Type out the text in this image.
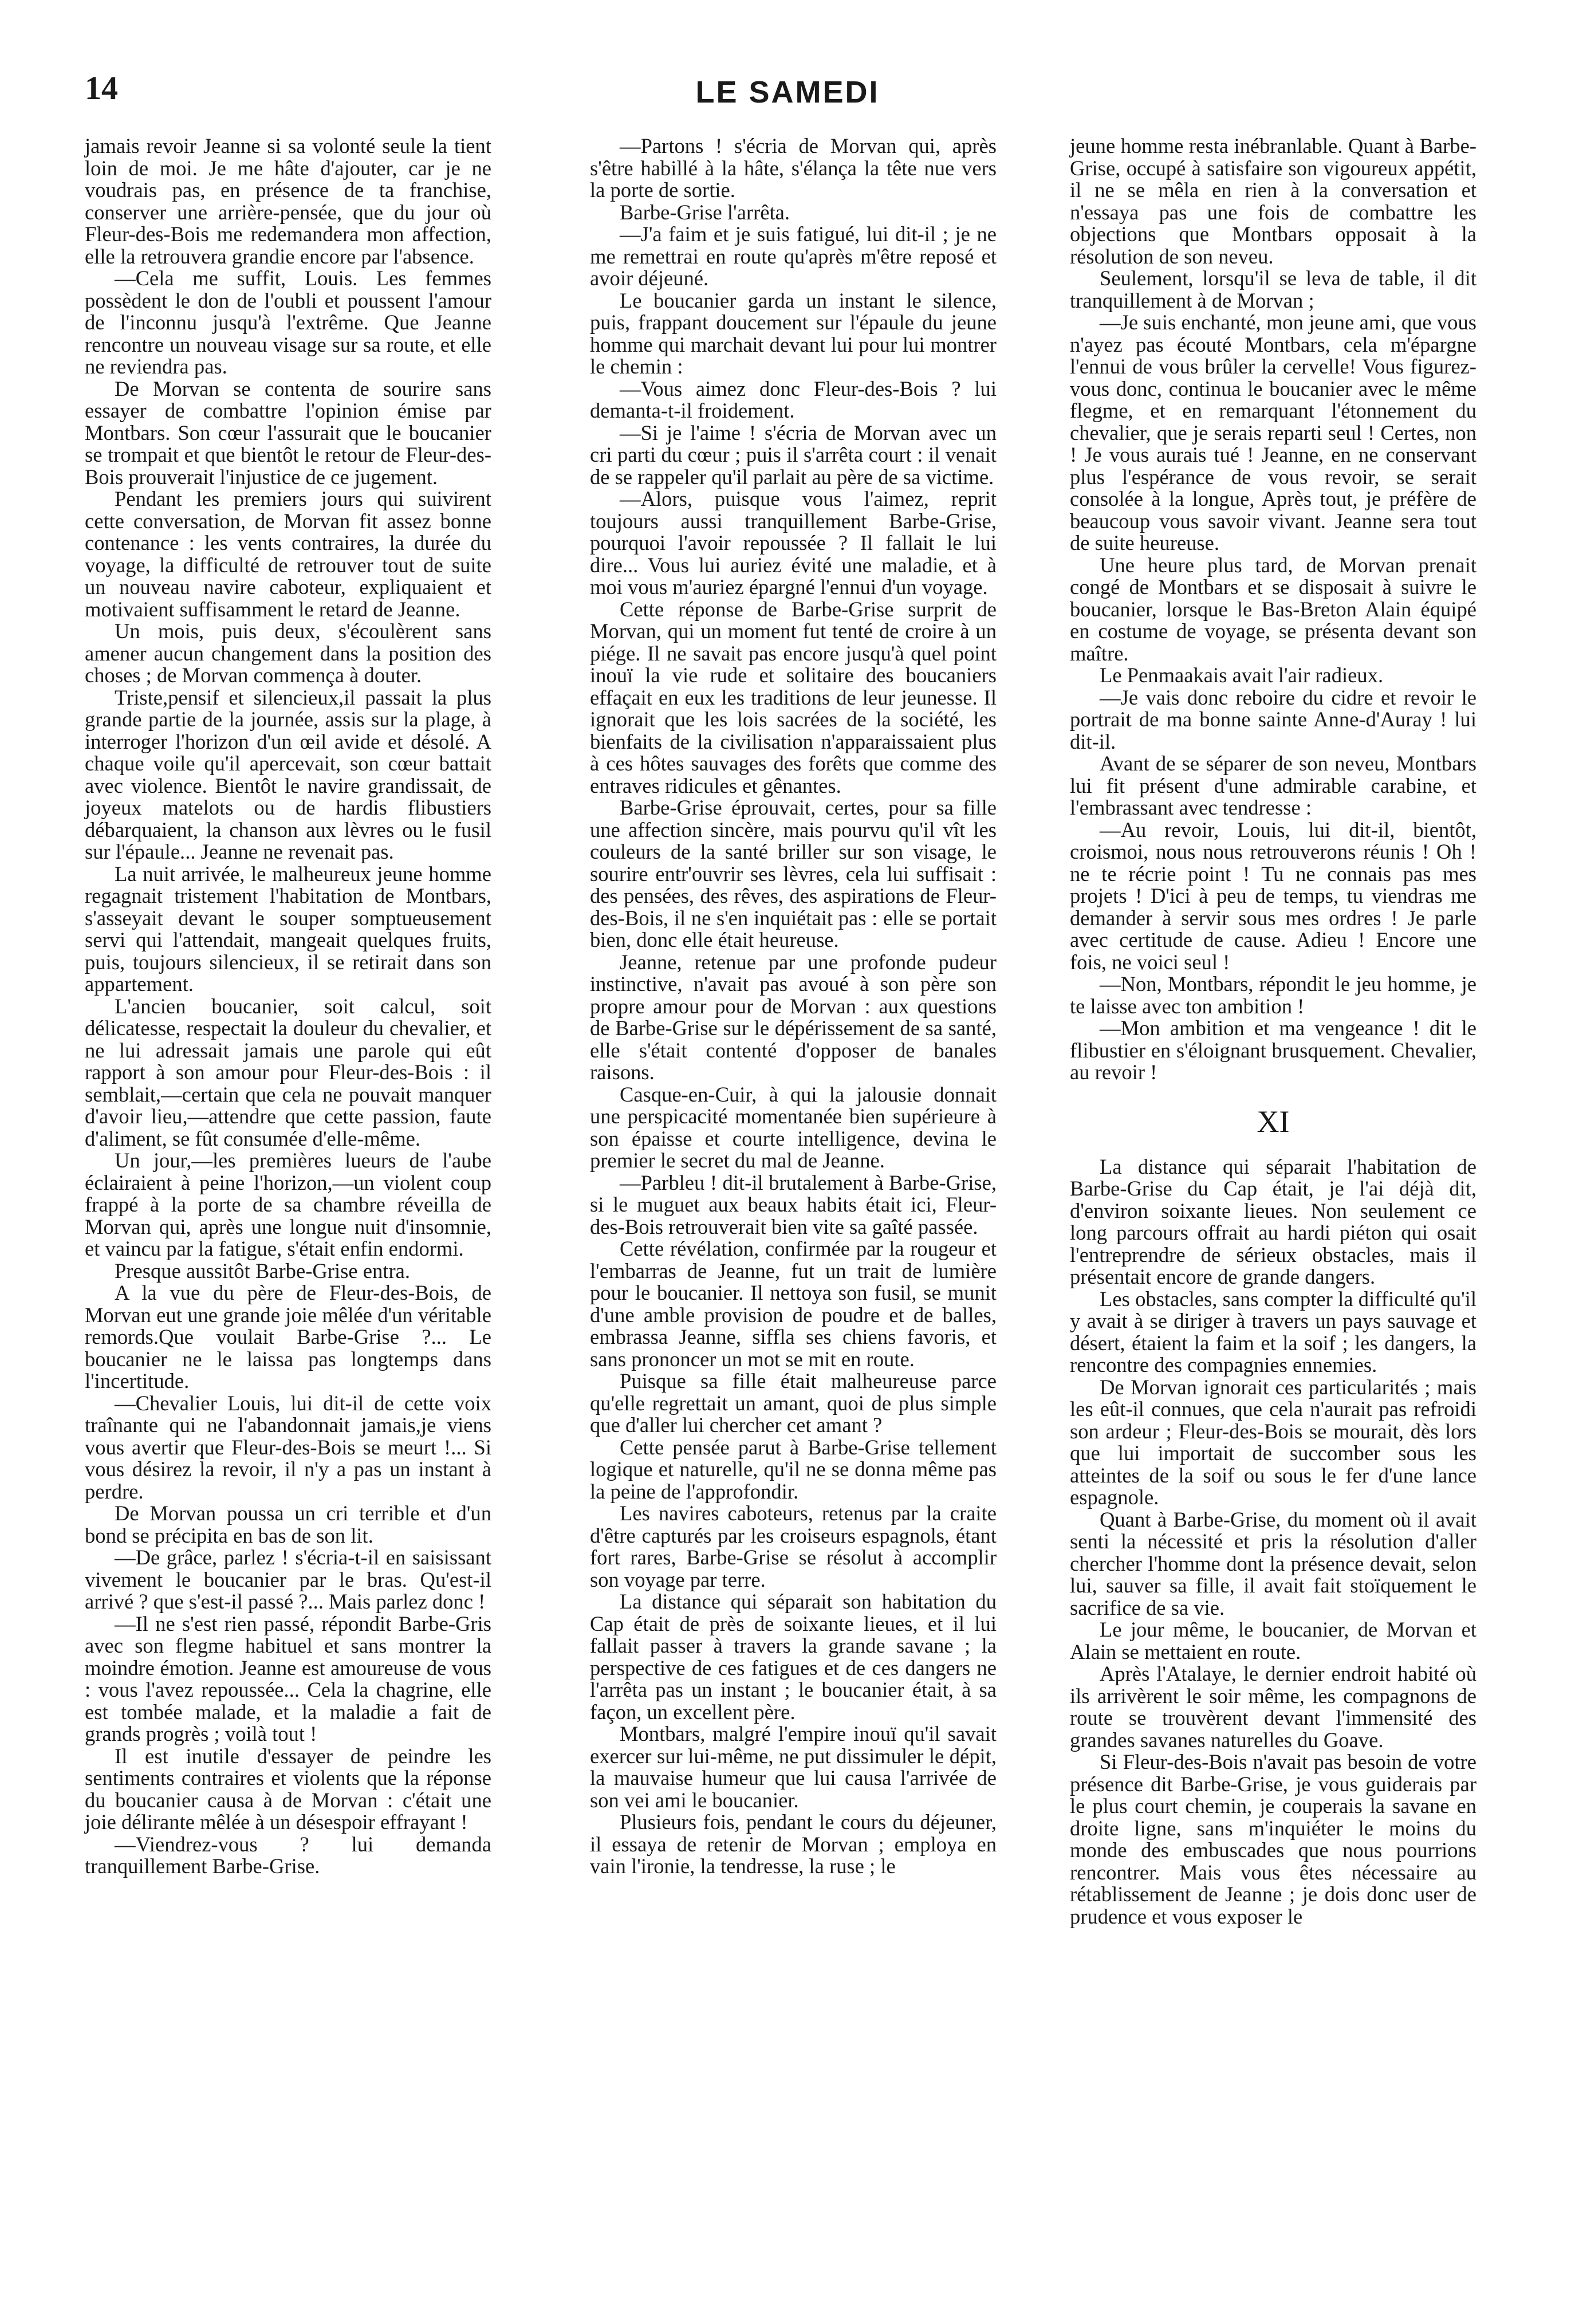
14	LE SAMEDI

jamais revoir Jeanne si sa volonté seule la tient loin de moi. Je me hâte d'ajouter, car je ne voudrais pas, en présence de ta franchise, conserver une arrière-pensée, que du jour où Fleur-des-Bois me redemandera mon affection, elle la retrouvera grandie encore par l'absence.

—Cela me suffit, Louis. Les femmes possèdent le don de l'oubli et poussent l'amour de l'inconnu jusqu'à l'extrême. Que Jeanne rencontre un nouveau visage sur sa route, et elle ne reviendra pas.

De Morvan se contenta de sourire sans essayer de combattre l'opinion émise par Montbars. Son cœur l'assurait que le boucanier se trompait et que bientôt le retour de Fleur-des-Bois prouverait l'injustice de ce jugement.

Pendant les premiers jours qui suivirent cette conversation, de Morvan fit assez bonne contenance : les vents contraires, la durée du voyage, la difficulté de retrouver tout de suite un nouveau navire caboteur, expliquaient et motivaient suffisamment le retard de Jeanne.

Un mois, puis deux, s'écoulèrent sans amener aucun changement dans la position des choses ; de Morvan commença à douter.

Triste,pensif et silencieux,il passait la plus grande partie de la journée, assis sur la plage, à interroger l'horizon d'un œil avide et désolé. A chaque voile qu'il apercevait, son cœur battait avec violence. Bientôt le navire grandissait, de joyeux matelots ou de hardis flibustiers débarquaient, la chanson aux lèvres ou le fusil sur l'épaule... Jeanne ne revenait pas.

La nuit arrivée, le malheureux jeune homme regagnait tristement l'habitation de Montbars, s'asseyait devant le souper somptueusement servi qui l'attendait, mangeait quelques fruits, puis, toujours silencieux, il se retirait dans son appartement.

L'ancien boucanier, soit calcul, soit délicatesse, respectait la douleur du chevalier, et ne lui adressait jamais une parole qui eût rapport à son amour pour Fleur-des-Bois : il semblait,—certain que cela ne pouvait manquer d'avoir lieu,—attendre que cette passion, faute d'aliment, se fût consumée d'elle-même.

Un jour,—les premières lueurs de l'aube éclairaient à peine l'horizon,—un violent coup frappé à la porte de sa chambre réveilla de Morvan qui, après une longue nuit d'insomnie, et vaincu par la fatigue, s'était enfin endormi.

Presque aussitôt Barbe-Grise entra.

A la vue du père de Fleur-des-Bois, de Morvan eut une grande joie mêlée d'un véritable remords.Que voulait Barbe-Grise ?... Le boucanier ne le laissa pas longtemps dans l'incertitude.

—Chevalier Louis, lui dit-il de cette voix traînante qui ne l'abandonnait jamais,je viens vous avertir que Fleur-des-Bois se meurt !... Si vous désirez la revoir, il n'y a pas un instant à perdre.

De Morvan poussa un cri terrible et d'un bond se précipita en bas de son lit.

—De grâce, parlez ! s'écria-t-il en saisissant vivement le boucanier par le bras. Qu'est-il arrivé ? que s'est-il passé ?... Mais parlez donc !

—Il ne s'est rien passé, répondit Barbe-Gris avec son flegme habituel et sans montrer la moindre émotion. Jeanne est amoureuse de vous : vous l'avez repoussée... Cela la chagrine, elle est tombée malade, et la maladie a fait de grands progrès ; voilà tout !

Il est inutile d'essayer de peindre les sentiments contraires et violents que la réponse du boucanier causa à de Morvan : c'était une joie délirante mêlée à un désespoir effrayant !

—Viendrez-vous ? lui demanda tranquillement Barbe-Grise.

—Partons ! s'écria de Morvan qui, après s'être habillé à la hâte, s'élança la tête nue vers la porte de sortie.

Barbe-Grise l'arrêta.

—J'a faim et je suis fatigué, lui dit-il ; je ne me remettrai en route qu'après m'être reposé et avoir déjeuné.

Le boucanier garda un instant le silence, puis, frappant doucement sur l'épaule du jeune homme qui marchait devant lui pour lui montrer le chemin :

—Vous aimez donc Fleur-des-Bois ? lui demanta-t-il froidement.

—Si je l'aime ! s'écria de Morvan avec un cri parti du cœur ; puis il s'arrêta court : il venait de se rappeler qu'il parlait au père de sa victime.

—Alors, puisque vous l'aimez, reprit toujours aussi tranquillement Barbe-Grise, pourquoi l'avoir repoussée ? Il fallait le lui dire... Vous lui auriez évité une maladie, et à moi vous m'auriez épargné l'ennui d'un voyage.

Cette réponse de Barbe-Grise surprit de Morvan, qui un moment fut tenté de croire à un piége. Il ne savait pas encore jusqu'à quel point inouï la vie rude et solitaire des boucaniers effaçait en eux les traditions de leur jeunesse. Il ignorait que les lois sacrées de la société, les bienfaits de la civilisation n'apparaissaient plus à ces hôtes sauvages des forêts que comme des entraves ridicules et gênantes.

Barbe-Grise éprouvait, certes, pour sa fille une affection sincère, mais pourvu qu'il vît les couleurs de la santé briller sur son visage, le sourire entr'ouvrir ses lèvres, cela lui suffisait : des pensées, des rêves, des aspirations de Fleur-des-Bois, il ne s'en inquiétait pas : elle se portait bien, donc elle était heureuse.

Jeanne, retenue par une profonde pudeur instinctive, n'avait pas avoué à son père son propre amour pour de Morvan : aux questions de Barbe-Grise sur le dépérissement de sa santé, elle s'était contenté d'opposer de banales raisons.

Casque-en-Cuir, à qui la jalousie donnait une perspicacité momentanée bien supérieure à son épaisse et courte intelligence, devina le premier le secret du mal de Jeanne.

—Parbleu ! dit-il brutalement à Barbe-Grise, si le muguet aux beaux habits était ici, Fleur-des-Bois retrouverait bien vite sa gaîté passée.

Cette révélation, confirmée par la rougeur et l'embarras de Jeanne, fut un trait de lumière pour le boucanier. Il nettoya son fusil, se munit d'une amble provision de poudre et de balles, embrassa Jeanne, siffla ses chiens favoris, et sans prononcer un mot se mit en route.

Puisque sa fille était malheureuse parce qu'elle regrettait un amant, quoi de plus simple que d'aller lui chercher cet amant ?

Cette pensée parut à Barbe-Grise tellement logique et naturelle, qu'il ne se donna même pas la peine de l'approfondir.

Les navires caboteurs, retenus par la craite d'être capturés par les croiseurs espagnols, étant fort rares, Barbe-Grise se résolut à accomplir son voyage par terre.

La distance qui séparait son habitation du Cap était de près de soixante lieues, et il lui fallait passer à travers la grande savane ; la perspective de ces fatigues et de ces dangers ne l'arrêta pas un instant ; le boucanier était, à sa façon, un excellent père.

Montbars, malgré l'empire inouï qu'il savait exercer sur lui-même, ne put dissimuler le dépit, la mauvaise humeur que lui causa l'arrivée de son vei ami le boucanier.

Plusieurs fois, pendant le cours du déjeuner, il essaya de retenir de Morvan ; employa en vain l'ironie, la tendresse, la ruse ; le

jeune homme resta inébranlable. Quant à Barbe-Grise, occupé à satisfaire son vigoureux appétit, il ne se mêla en rien à la conversation et n'essaya pas une fois de combattre les objections que Montbars opposait à la résolution de son neveu.

Seulement, lorsqu'il se leva de table, il dit tranquillement à de Morvan ;

—Je suis enchanté, mon jeune ami, que vous n'ayez pas écouté Montbars, cela m'épargne l'ennui de vous brûler la cervelle! Vous figurez-vous donc, continua le boucanier avec le même flegme, et en remarquant l'étonnement du chevalier, que je serais reparti seul ! Certes, non ! Je vous aurais tué ! Jeanne, en ne conservant plus l'espérance de vous revoir, se serait consolée à la longue, Après tout, je préfère de beaucoup vous savoir vivant. Jeanne sera tout de suite heureuse.

Une heure plus tard, de Morvan prenait congé de Montbars et se disposait à suivre le boucanier, lorsque le Bas-Breton Alain équipé en costume de voyage, se présenta devant son maître.

Le Penmaakais avait l'air radieux.

—Je vais donc reboire du cidre et revoir le portrait de ma bonne sainte Anne-d'Auray ! lui dit-il.

Avant de se séparer de son neveu, Montbars lui fit présent d'une admirable carabine, et l'embrassant avec tendresse :

—Au revoir, Louis, lui dit-il, bientôt, croismoi, nous nous retrouverons réunis ! Oh ! ne te récrie point ! Tu ne connais pas mes projets ! D'ici à peu de temps, tu viendras me demander à servir sous mes ordres ! Je parle avec certitude de cause. Adieu ! Encore une fois, ne voici seul !

—Non, Montbars, répondit le jeu homme, je te laisse avec ton ambition !

—Mon ambition et ma vengeance ! dit le flibustier en s'éloignant brusquement. Chevalier, au revoir !

XI

La distance qui séparait l'habitation de Barbe-Grise du Cap était, je l'ai déjà dit, d'environ soixante lieues. Non seulement ce long parcours offrait au hardi piéton qui osait l'entreprendre de sérieux obstacles, mais il présentait encore de grande dangers.

Les obstacles, sans compter la difficulté qu'il y avait à se diriger à travers un pays sauvage et désert, étaient la faim et la soif ; les dangers, la rencontre des compagnies ennemies.

De Morvan ignorait ces particularités ; mais les eût-il connues, que cela n'aurait pas refroidi son ardeur ; Fleur-des-Bois se mourait, dès lors que lui importait de succomber sous les atteintes de la soif ou sous le fer d'une lance espagnole.

Quant à Barbe-Grise, du moment où il avait senti la nécessité et pris la résolution d'aller chercher l'homme dont la présence devait, selon lui, sauver sa fille, il avait fait stoïquement le sacrifice de sa vie.

Le jour même, le boucanier, de Morvan et Alain se mettaient en route.

Après l'Atalaye, le dernier endroit habité où ils arrivèrent le soir même, les compagnons de route se trouvèrent devant l'immensité des grandes savanes naturelles du Goave.

Si Fleur-des-Bois n'avait pas besoin de votre présence dit Barbe-Grise, je vous guiderais par le plus court chemin, je couperais la savane en droite ligne, sans m'inquiéter le moins du monde des embuscades que nous pourrions rencontrer. Mais vous êtes nécessaire au rétablissement de Jeanne ; je dois donc user de prudence et vous exposer le
